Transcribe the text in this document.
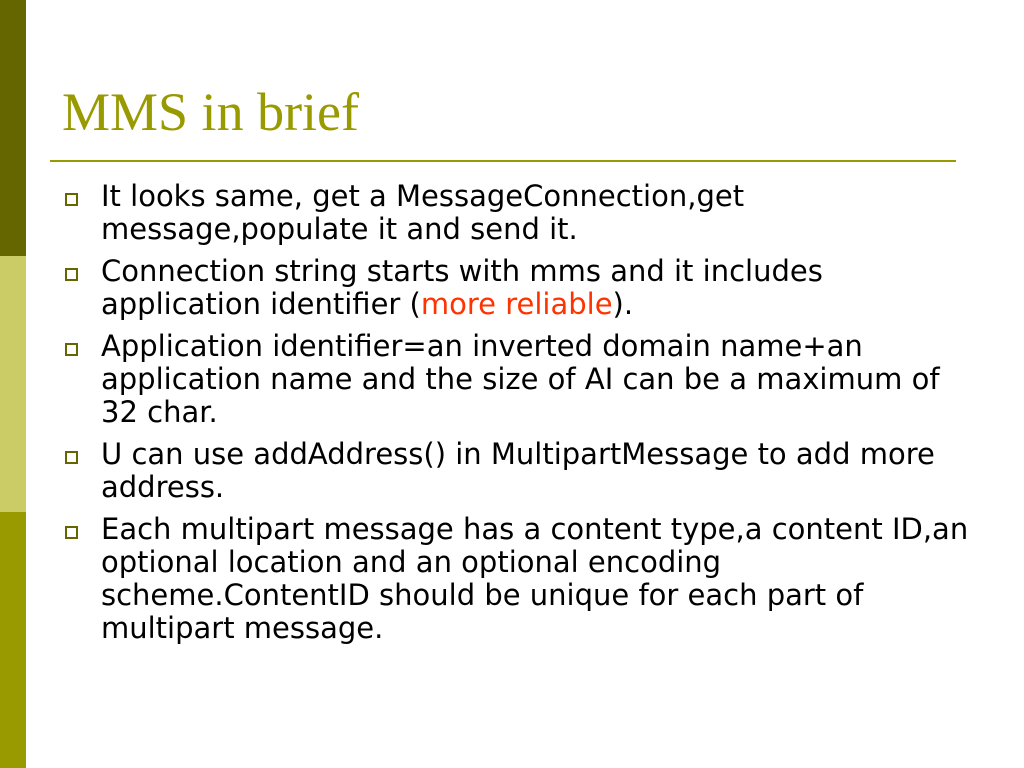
MMS in brief
It looks same, get a MessageConnection,get message,populate it and send it.
Connection string starts with mms and it includes application identifier (more reliable).
Application identifier=an inverted domain name+an application name and the size of AI can be a maximum of 32 char.
U can use addAddress() in MultipartMessage to add more address.
Each multipart message has a content type,a content ID,an optional location and an optional encoding scheme.ContentID should be unique for each part of multipart message.
